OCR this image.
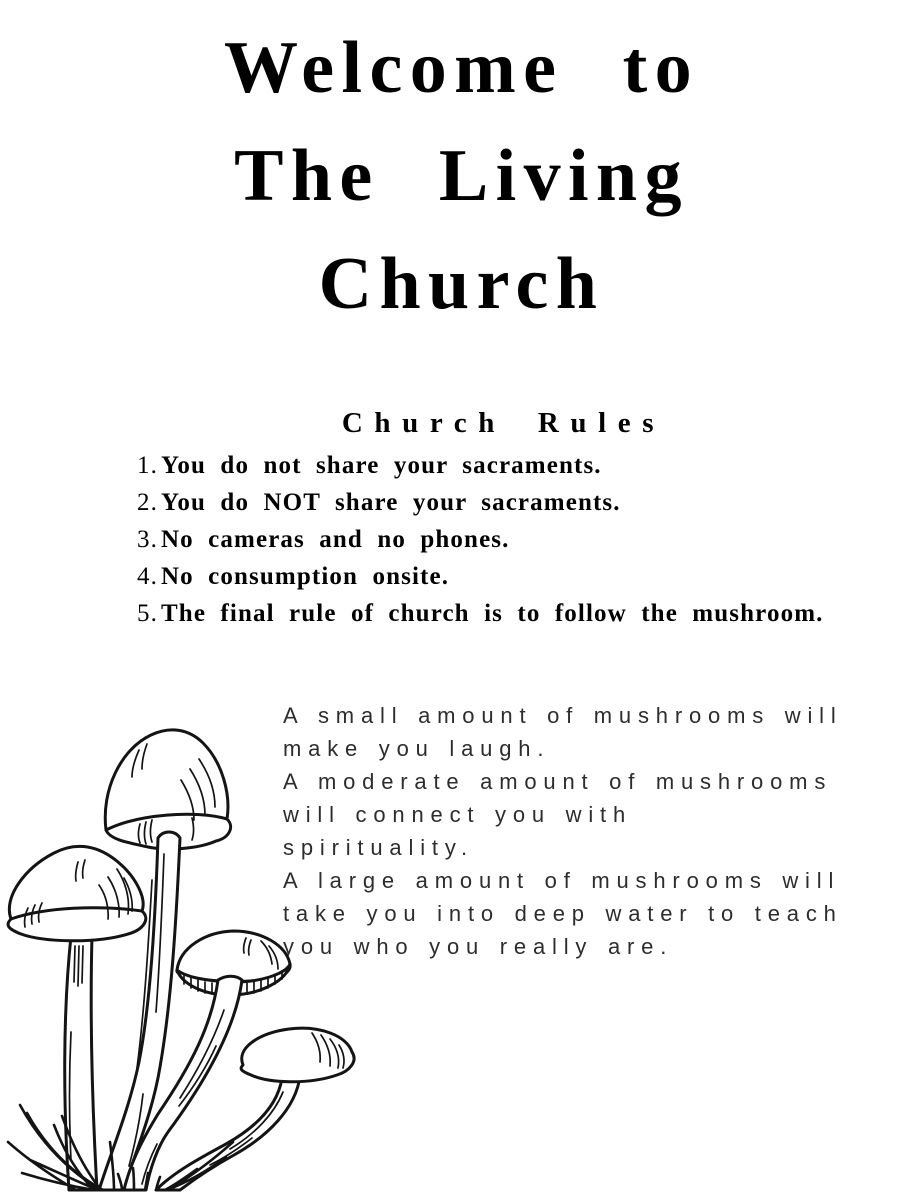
Welcome to
The Living
Church
Church Rules
1. You do not share your sacraments.
2. You do NOT share your sacraments.
3. No cameras and no phones.
4. No consumption onsite.
5. The final rule of church is to follow the mushroom.
A small amount of mushrooms will
make you laugh.
A moderate amount of mushrooms
will connect you with
spirituality.
A large amount of mushrooms will
take you into deep water to teach
you who you really are.
